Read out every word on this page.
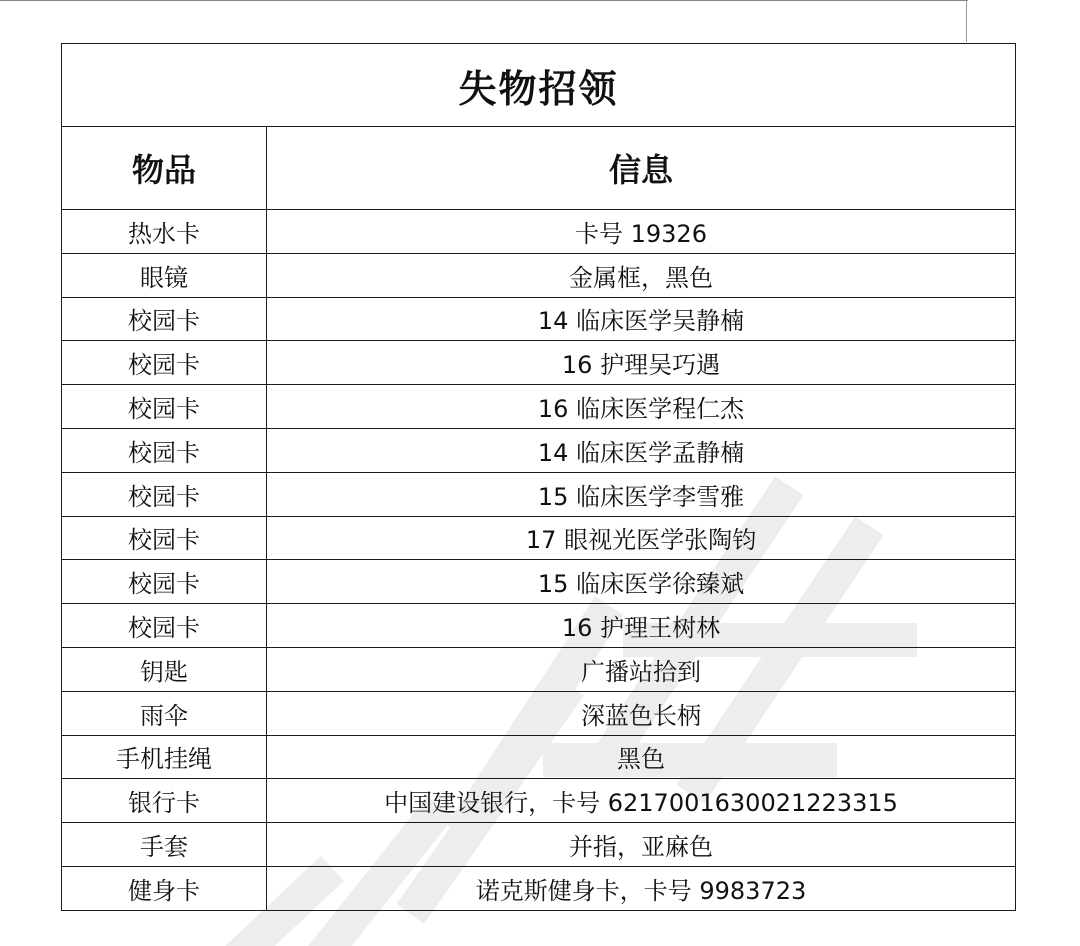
失物招领	
物品	信息
热水卡	卡号 19326
眼镜	金属框，黑色
校园卡	14 临床医学吴静楠
校园卡	16 护理吴巧遇
校园卡	16 临床医学程仁杰
校园卡	14 临床医学孟静楠
校园卡	15 临床医学李雪雅
校园卡	17 眼视光医学张陶钧
校园卡	15 临床医学徐臻斌
校园卡	16 护理王树林
钥匙	广播站拾到
雨伞	深蓝色长柄
手机挂绳	黑色
银行卡	中国建设银行，卡号 6217001630021223315
手套	并指，亚麻色
健身卡	诺克斯健身卡，卡号 9983723
